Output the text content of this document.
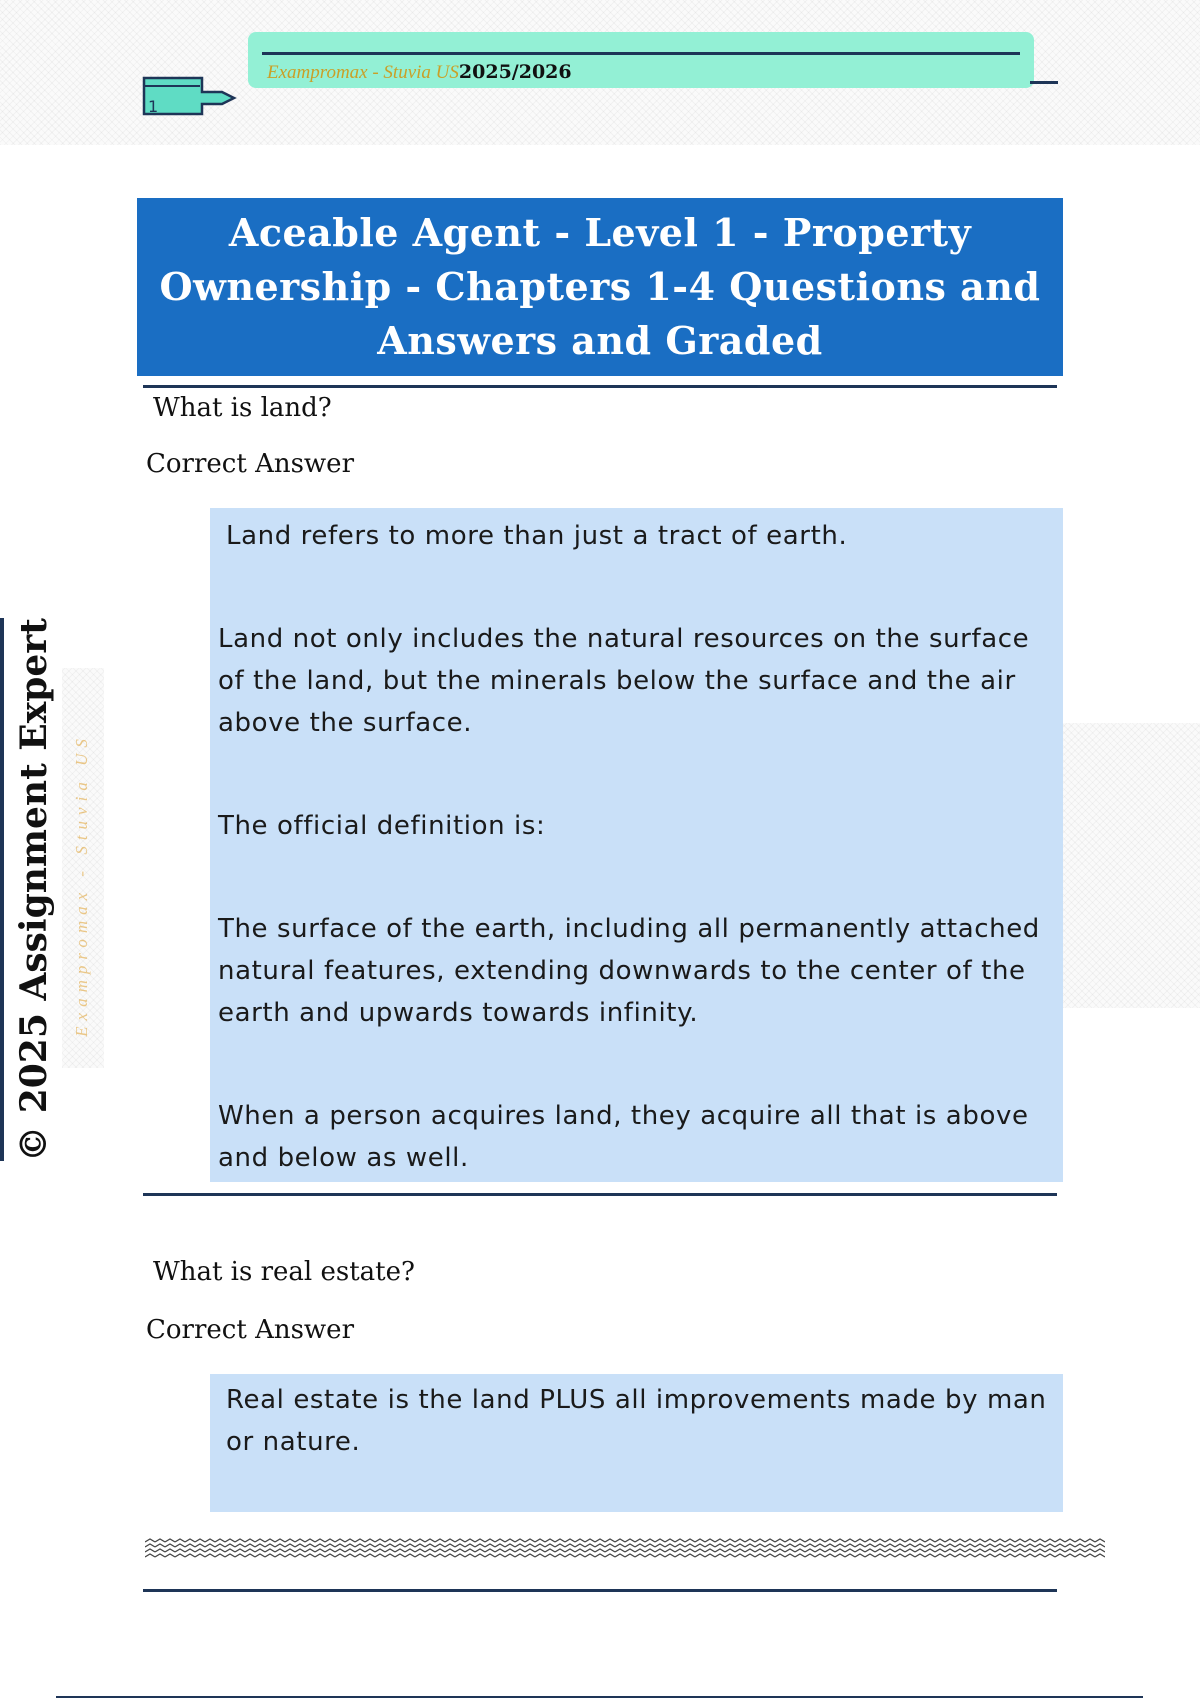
Exampromax - Stuvia US2025/2026
1
Aceable Agent - Level 1 - Property Ownership - Chapters 1-4 Questions and Answers and Graded
What is land?
Correct Answer

Land refers to more than just a tract of earth.

Land not only includes the natural resources on the surface of the land, but the minerals below the surface and the air above the surface.

The official definition is:

The surface of the earth, including all permanently attached natural features, extending downwards to the center of the earth and upwards towards infinity.

When a person acquires land, they acquire all that is above and below as well.

What is real estate?
Correct Answer

Real estate is the land PLUS all improvements made by man or nature.

© 2025 Assignment Expert Exampromax - Stuvia US
